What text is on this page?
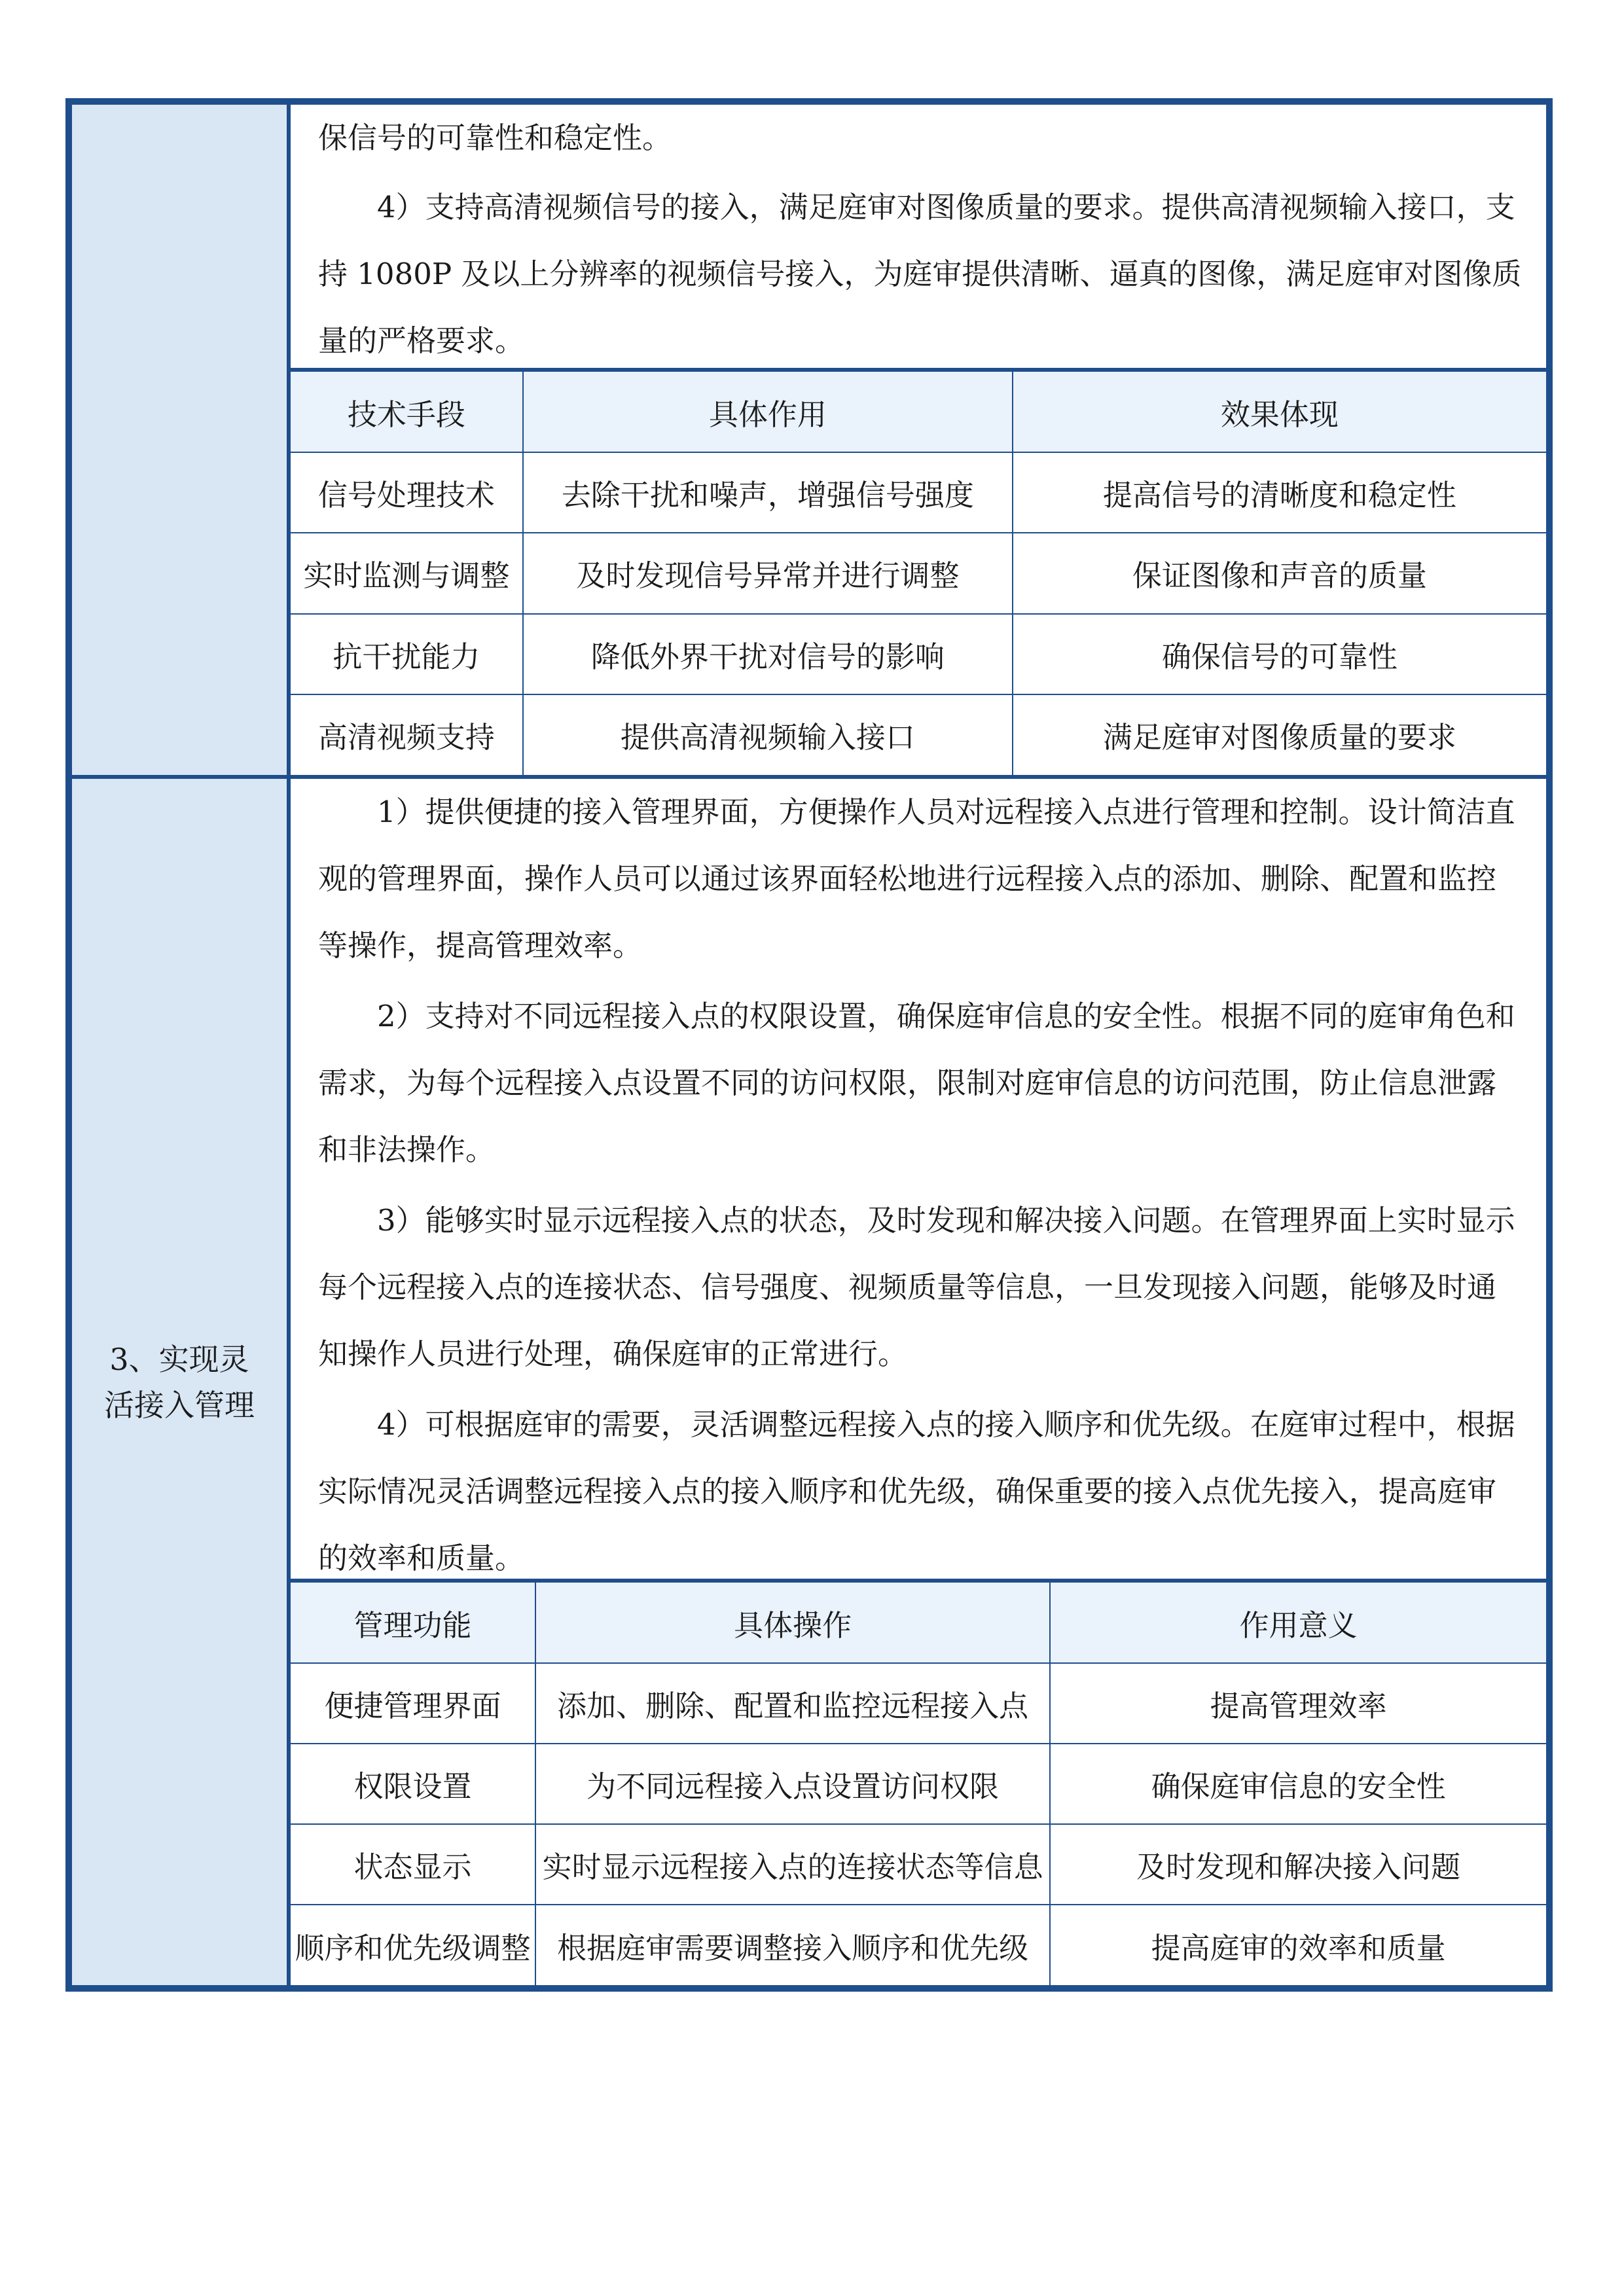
保信号的可靠性和稳定性。

4）支持高清视频信号的接入，满足庭审对图像质量的要求。提供高清视频输入接口，支持 1080P 及以上分辨率的视频信号接入，为庭审提供清晰、逼真的图像，满足庭审对图像质量的严格要求。

技术手段	具体作用	效果体现
信号处理技术	去除干扰和噪声，增强信号强度	提高信号的清晰度和稳定性
实时监测与调整	及时发现信号异常并进行调整	保证图像和声音的质量
抗干扰能力	降低外界干扰对信号的影响	确保信号的可靠性
高清视频支持	提供高清视频输入接口	满足庭审对图像质量的要求
3、实现灵活接入管理

1）提供便捷的接入管理界面，方便操作人员对远程接入点进行管理和控制。设计简洁直观的管理界面，操作人员可以通过该界面轻松地进行远程接入点的添加、删除、配置和监控等操作，提高管理效率。

2）支持对不同远程接入点的权限设置，确保庭审信息的安全性。根据不同的庭审角色和需求，为每个远程接入点设置不同的访问权限，限制对庭审信息的访问范围，防止信息泄露和非法操作。

3）能够实时显示远程接入点的状态，及时发现和解决接入问题。在管理界面上实时显示每个远程接入点的连接状态、信号强度、视频质量等信息，一旦发现接入问题，能够及时通知操作人员进行处理，确保庭审的正常进行。

4）可根据庭审的需要，灵活调整远程接入点的接入顺序和优先级。在庭审过程中，根据实际情况灵活调整远程接入点的接入顺序和优先级，确保重要的接入点优先接入，提高庭审的效率和质量。

管理功能	具体操作	作用意义
便捷管理界面	添加、删除、配置和监控远程接入点	提高管理效率
权限设置	为不同远程接入点设置访问权限	确保庭审信息的安全性
状态显示	实时显示远程接入点的连接状态等信息	及时发现和解决接入问题
顺序和优先级调整	根据庭审需要调整接入顺序和优先级	提高庭审的效率和质量
